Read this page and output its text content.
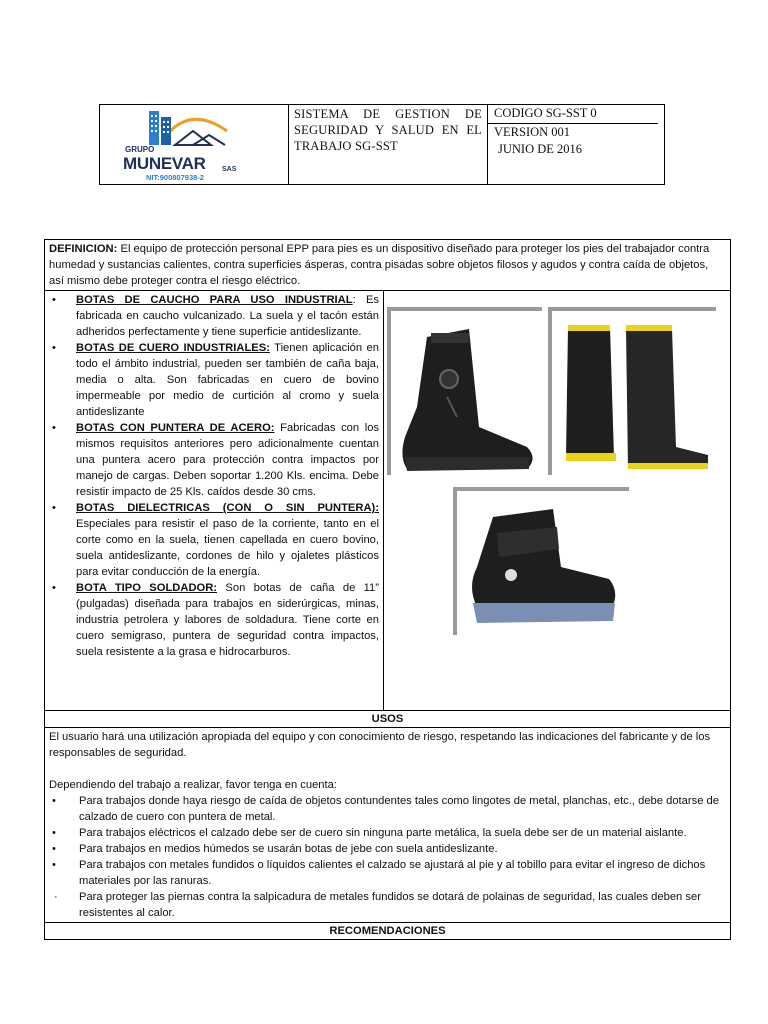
GRUPO
MUNEVAR SAS
NIT:900807938-2
SISTEMA DE GESTION DE SEGURIDAD Y SALUD EN EL TRABAJO SG-SST
CODIGO SG-SST 0
VERSION 001
JUNIO DE 2016
DEFINICION: El equipo de protección personal EPP para pies es un dispositivo diseñado para proteger los pies del trabajador contra humedad y sustancias calientes, contra superficies ásperas, contra pisadas sobre objetos filosos y agudos y contra caída de objetos, así mismo debe proteger contra el riesgo eléctrico.
• BOTAS DE CAUCHO PARA USO INDUSTRIAL: Es fabricada en caucho vulcanizado. La suela y el tacón están adheridos perfectamente y tiene superficie antideslizante.
• BOTAS DE CUERO INDUSTRIALES: Tienen aplicación en todo el ámbito industrial, pueden ser también de caña baja, media o alta. Son fabricadas en cuero de bovino impermeable por medio de curtición al cromo y suela antideslizante
• BOTAS CON PUNTERA DE ACERO: Fabricadas con los mismos requisitos anteriores pero adicionalmente cuentan una puntera acero para protección contra impactos por manejo de cargas. Deben soportar 1.200 Kls. encima. Debe resistir impacto de 25 Kls. caídos desde 30 cms.
• BOTAS DIELECTRICAS (CON O SIN PUNTERA): Especiales para resistir el paso de la corriente, tanto en el corte como en la suela, tienen capellada en cuero bovino, suela antideslizante, cordones de hilo y ojaletes plásticos para evitar conducción de la energía.
• BOTA TIPO SOLDADOR: Son botas de caña de 11” (pulgadas) diseñada para trabajos en siderúrgicas, minas, industria petrolera y labores de soldadura. Tiene corte en cuero semigraso, puntera de seguridad contra impactos, suela resistente a la grasa e hidrocarburos.
USOS

El usuario hará una utilización apropiada del equipo y con conocimiento de riesgo, respetando las indicaciones del fabricante y de los responsables de seguridad.

Dependiendo del trabajo a realizar, favor tenga en cuenta:

• Para trabajos donde haya riesgo de caída de objetos contundentes tales como lingotes de metal, planchas, etc., debe dotarse de calzado de cuero con puntera de metal.
• Para trabajos eléctricos el calzado debe ser de cuero sin ninguna parte metálica, la suela debe ser de un material aislante.
• Para trabajos en medios húmedos se usarán botas de jebe con suela antideslizante.
• Para trabajos con metales fundidos o líquidos calientes el calzado se ajustará al pie y al tobillo para evitar el ingreso de dichos materiales por las ranuras.
· Para proteger las piernas contra la salpicadura de metales fundidos se dotará de polainas de seguridad, las cuales deben ser resistentes al calor.
RECOMENDACIONES
